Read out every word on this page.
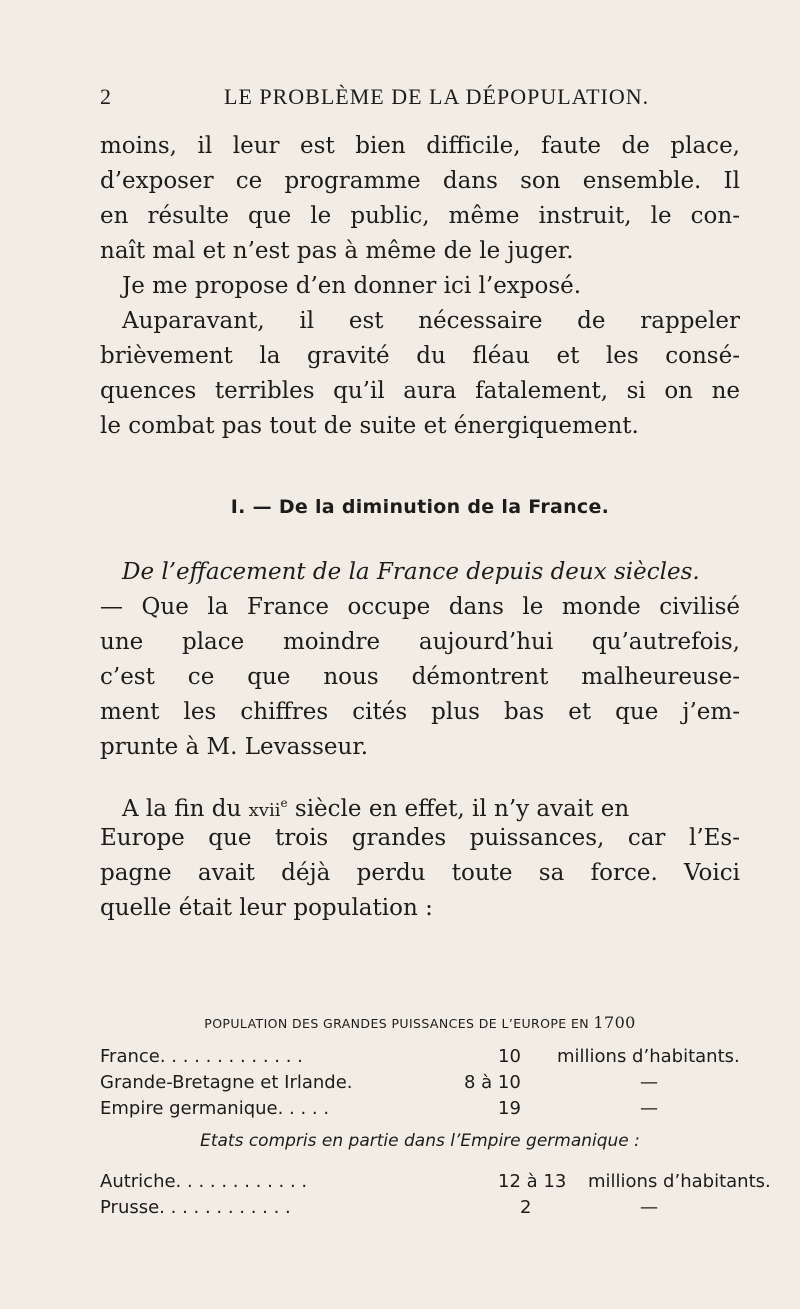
2	LE PROBLÈME DE LA DÉPOPULATION.
moins, il leur est bien difficile, faute de place,
d’exposer ce programme dans son ensemble. Il
en résulte que le public, même instruit, le con-
naît mal et n’est pas à même de le juger.
Je me propose d’en donner ici l’exposé.
Auparavant, il est nécessaire de rappeler
brièvement la gravité du fléau et les consé-
quences terribles qu’il aura fatalement, si on ne
le combat pas tout de suite et énergiquement.
I. — De la diminution de la France.
De l’effacement de la France depuis deux siècles.
— Que la France occupe dans le monde civilisé
une place moindre aujourd’hui qu’autrefois,
c’est ce que nous démontrent malheureuse-
ment les chiffres cités plus bas et que j’em-
prunte à M. Levasseur.
A la fin du xvii$^e$ siècle en effet, il n’y avait en
Europe que trois grandes puissances, car l’Es-
pagne avait déjà perdu toute sa force. Voici
quelle était leur population :
POPULATION DES GRANDES PUISSANCES DE L’EUROPE EN 1700
France. . . . . . . . . . . . .	10 millions d’habitants.
Grande-Bretagne et Irlande.	8 à 10	—
Empire germanique. . . . .	19	—
Etats compris en partie dans l’Empire germanique :
Autriche. . . . . . . . . . . .	12 à 13 millions d’habitants.
Prusse. . . . . . . . . . . .	2	—
